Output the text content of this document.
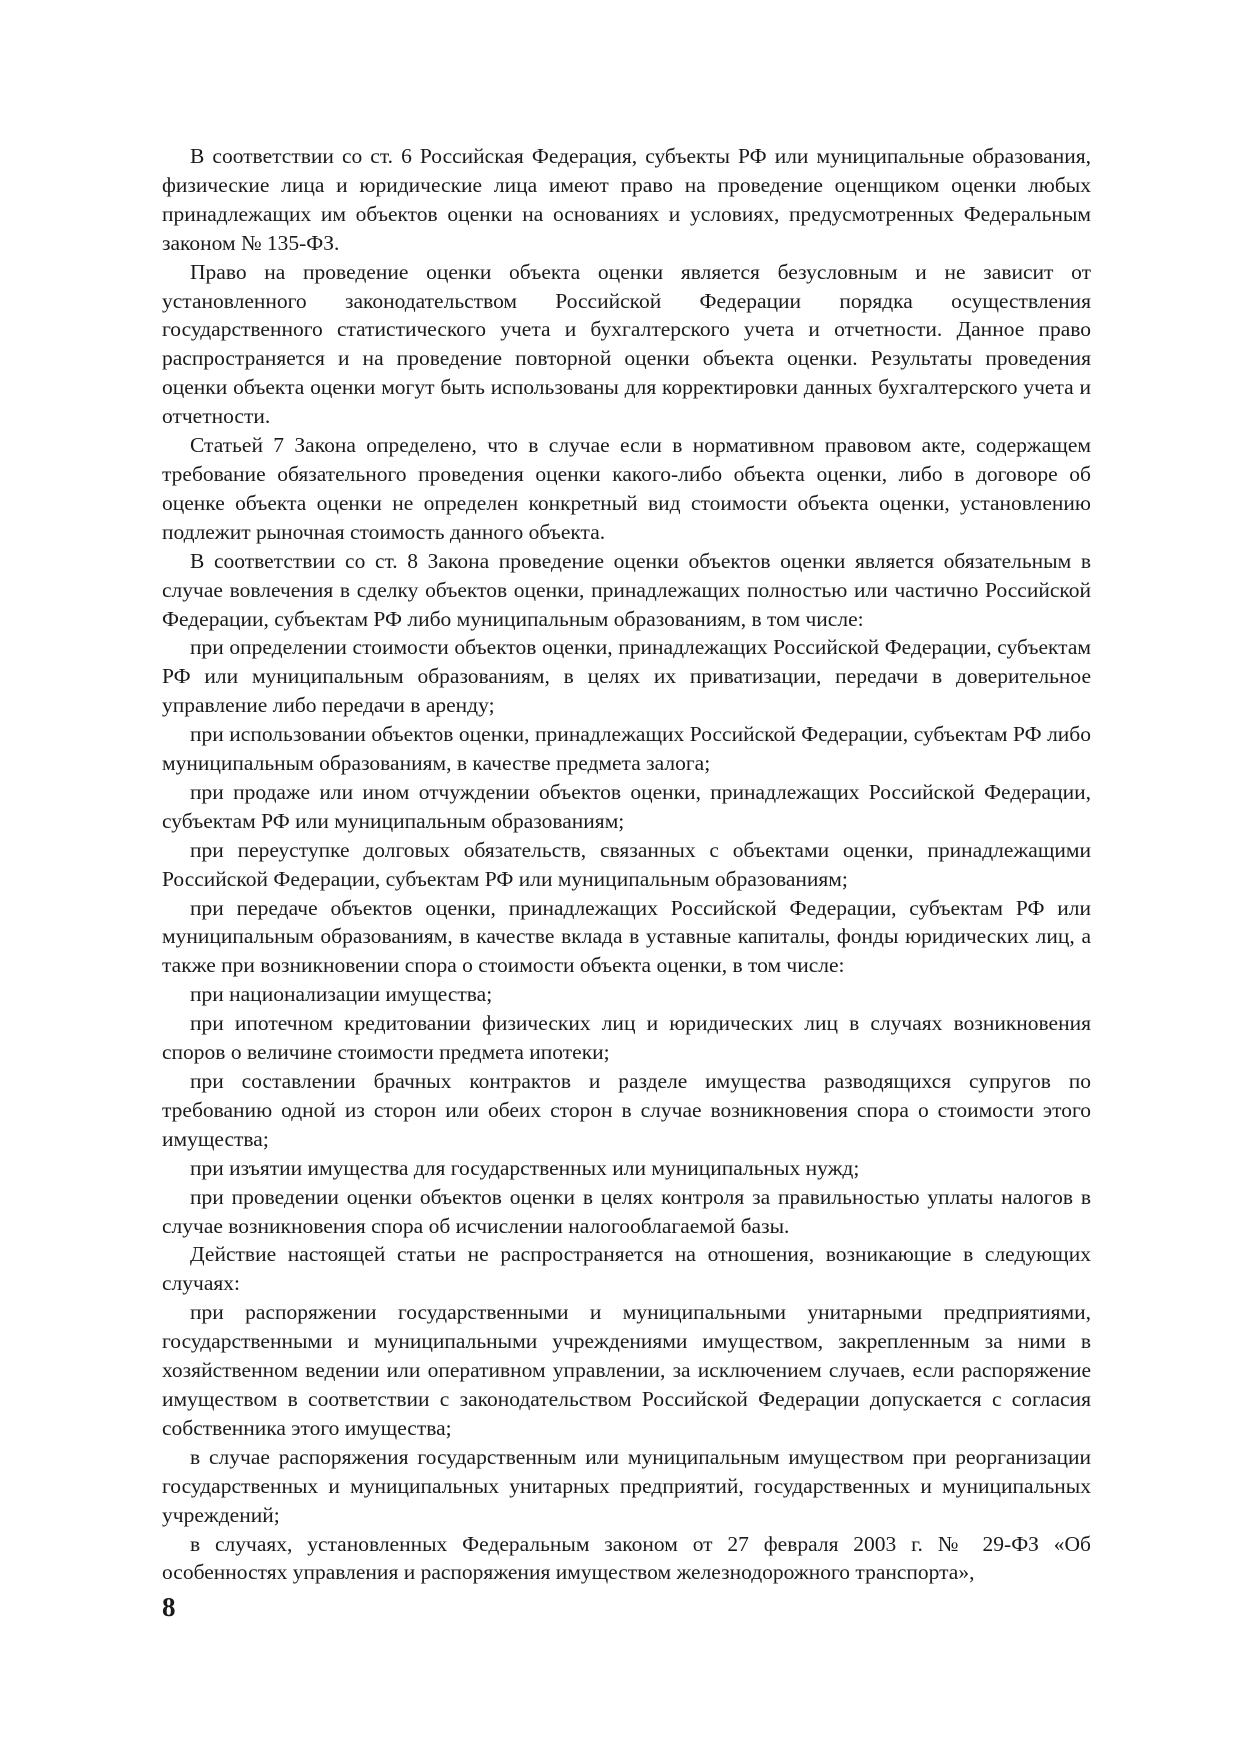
В соответствии со ст. 6 Российская Федерация, субъекты РФ или муниципальные образования, физические лица и юридические лица имеют право на проведение оценщиком оценки любых принадлежащих им объектов оценки на основаниях и условиях, предусмотренных Федеральным законом № 135-ФЗ.

Право на проведение оценки объекта оценки является безусловным и не зависит от установленного законодательством Российской Федерации порядка осуществления государственного статистического учета и бухгалтерского учета и отчетности. Данное право распространяется и на проведение повторной оценки объекта оценки. Результаты проведения оценки объекта оценки могут быть использованы для корректировки данных бухгалтерского учета и отчетности.

Статьей 7 Закона определено, что в случае если в нормативном правовом акте, содержащем требование обязательного проведения оценки какого-либо объекта оценки, либо в договоре об оценке объекта оценки не определен конкретный вид стоимости объекта оценки, установлению подлежит рыночная стоимость данного объекта.

В соответствии со ст. 8 Закона проведение оценки объектов оценки является обязательным в случае вовлечения в сделку объектов оценки, принадлежащих полностью или частично Российской Федерации, субъектам РФ либо муниципальным образованиям, в том числе:

при определении стоимости объектов оценки, принадлежащих Российской Федерации, субъектам РФ или муниципальным образованиям, в целях их приватизации, передачи в доверительное управление либо передачи в аренду;

при использовании объектов оценки, принадлежащих Российской Федерации, субъектам РФ либо муниципальным образованиям, в качестве предмета залога;

при продаже или ином отчуждении объектов оценки, принадлежащих Российской Федерации, субъектам РФ или муниципальным образованиям;

при переуступке долговых обязательств, связанных с объектами оценки, принадлежащими Российской Федерации, субъектам РФ или муниципальным образованиям;

при передаче объектов оценки, принадлежащих Российской Федерации, субъектам РФ или муниципальным образованиям, в качестве вклада в уставные капиталы, фонды юридических лиц, а также при возникновении спора о стоимости объекта оценки, в том числе:

при национализации имущества;

при ипотечном кредитовании физических лиц и юридических лиц в случаях возникновения споров о величине стоимости предмета ипотеки;

при составлении брачных контрактов и разделе имущества разводящихся супругов по требованию одной из сторон или обеих сторон в случае возникновения спора о стоимости этого имущества;

при изъятии имущества для государственных или муниципальных нужд;

при проведении оценки объектов оценки в целях контроля за правильностью уплаты налогов в случае возникновения спора об исчислении налогооблагаемой базы.

Действие настоящей статьи не распространяется на отношения, возникающие в следующих случаях:

при распоряжении государственными и муниципальными унитарными предприятиями, государственными и муниципальными учреждениями имуществом, закрепленным за ними в хозяйственном ведении или оперативном управлении, за исключением случаев, если распоряжение имуществом в соответствии с законодательством Российской Федерации допускается с согласия собственника этого имущества;

в случае распоряжения государственным или муниципальным имуществом при реорганизации государственных и муниципальных унитарных предприятий, государственных и муниципальных учреждений;

в случаях, установленных Федеральным законом от 27 февраля 2003 г. № 29-ФЗ «Об особенностях управления и распоряжения имуществом железнодорожного транспорта»,

8
